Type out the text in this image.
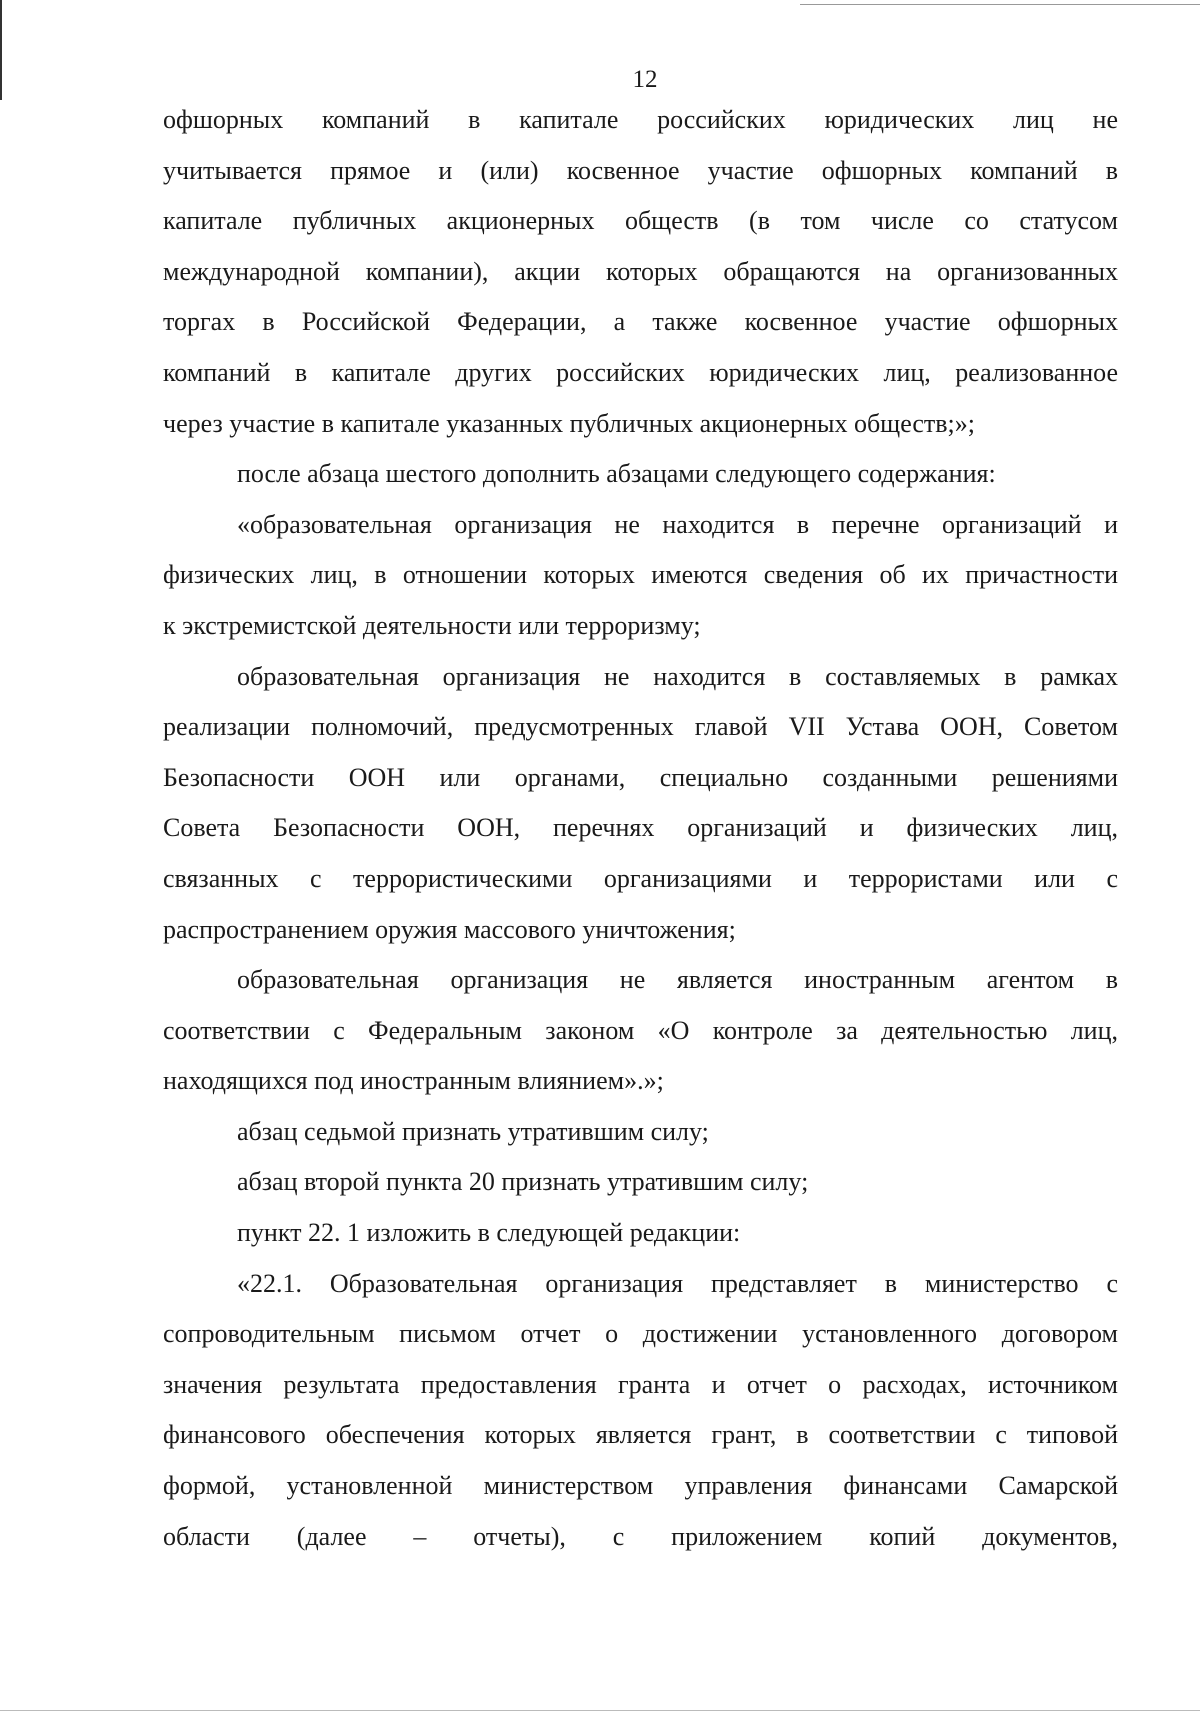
12
офшорных компаний в капитале российских юридических лиц не
учитывается прямое и (или) косвенное участие офшорных компаний в
капитале публичных акционерных обществ (в том числе со статусом
международной компании), акции которых обращаются на организованных
торгах в Российской Федерации, а также косвенное участие офшорных
компаний в капитале других российских юридических лиц, реализованное
через участие в капитале указанных публичных акционерных обществ;»;
после абзаца шестого дополнить абзацами следующего содержания:
«образовательная организация не находится в перечне организаций и
физических лиц, в отношении которых имеются сведения об их причастности
к экстремистской деятельности или терроризму;
образовательная организация не находится в составляемых в рамках
реализации полномочий, предусмотренных главой VII Устава ООН, Советом
Безопасности ООН или органами, специально созданными решениями
Совета Безопасности ООН, перечнях организаций и физических лиц,
связанных с террористическими организациями и террористами или с
распространением оружия массового уничтожения;
образовательная организация не является иностранным агентом в
соответствии с Федеральным законом «О контроле за деятельностью лиц,
находящихся под иностранным влиянием».»;
абзац седьмой признать утратившим силу;
абзац второй пункта 20 признать утратившим силу;
пункт 22. 1 изложить в следующей редакции:
«22.1. Образовательная организация представляет в министерство с
сопроводительным письмом отчет о достижении установленного договором
значения результата предоставления гранта и отчет о расходах, источником
финансового обеспечения которых является грант, в соответствии с типовой
формой, установленной министерством управления финансами Самарской
области (далее – отчеты), с приложением копий документов,
